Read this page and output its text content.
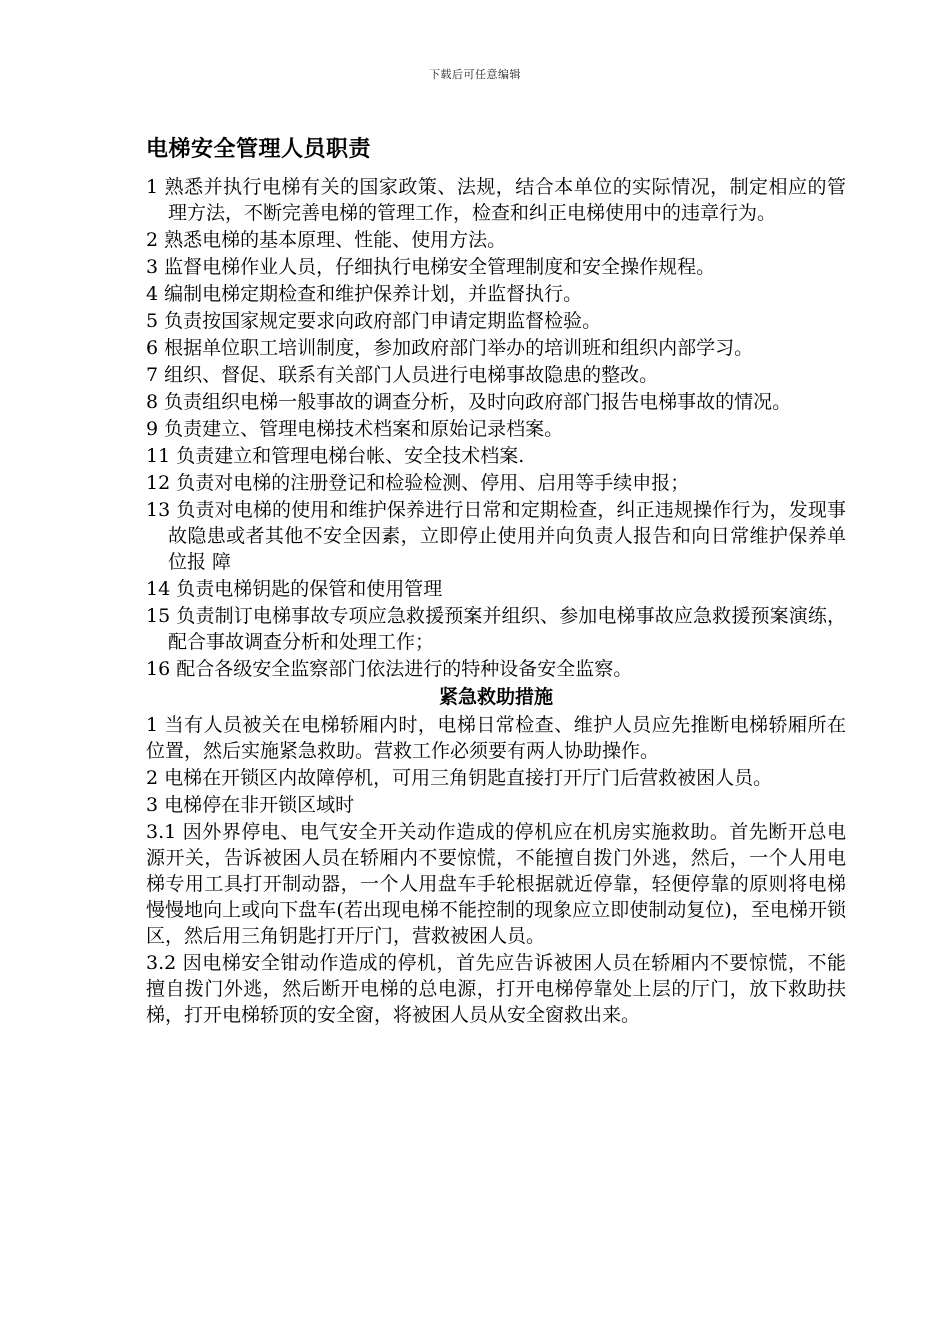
下载后可任意编辑
电梯安全管理人员职责
1 熟悉并执行电梯有关的国家政策、法规，结合本单位的实际情况，制定相应的管理方法，不断完善电梯的管理工作，检查和纠正电梯使用中的违章行为。
2 熟悉电梯的基本原理、性能、使用方法。
3 监督电梯作业人员，仔细执行电梯安全管理制度和安全操作规程。
4 编制电梯定期检查和维护保养计划，并监督执行。
5 负责按国家规定要求向政府部门申请定期监督检验。
6 根据单位职工培训制度，参加政府部门举办的培训班和组织内部学习。
7 组织、督促、联系有关部门人员进行电梯事故隐患的整改。
8 负责组织电梯一般事故的调查分析，及时向政府部门报告电梯事故的情况。
9 负责建立、管理电梯技术档案和原始记录档案。
11 负责建立和管理电梯台帐、安全技术档案.
12 负责对电梯的注册登记和检验检测、停用、启用等手续申报；
13 负责对电梯的使用和维护保养进行日常和定期检查，纠正违规操作行为，发现事故隐患或者其他不安全因素，立即停止使用并向负责人报告和向日常维护保养单位报 障
14 负责电梯钥匙的保管和使用管理
15 负责制订电梯事故专项应急救援预案并组织、参加电梯事故应急救援预案演练，配合事故调查分析和处理工作；
16 配合各级安全监察部门依法进行的特种设备安全监察。
紧急救助措施

1 当有人员被关在电梯轿厢内时，电梯日常检查、维护人员应先推断电梯轿厢所在位置，然后实施紧急救助。营救工作必须要有两人协助操作。

2 电梯在开锁区内故障停机，可用三角钥匙直接打开厅门后营救被困人员。

3 电梯停在非开锁区域时

3.1 因外界停电、电气安全开关动作造成的停机应在机房实施救助。首先断开总电源开关，告诉被困人员在轿厢内不要惊慌，不能擅自拨门外逃，然后，一个人用电梯专用工具打开制动器，一个人用盘车手轮根据就近停靠，轻便停靠的原则将电梯慢慢地向上或向下盘车(若出现电梯不能控制的现象应立即使制动复位)，至电梯开锁区，然后用三角钥匙打开厅门，营救被困人员。

3.2 因电梯安全钳动作造成的停机，首先应告诉被困人员在轿厢内不要惊慌，不能擅自拨门外逃，然后断开电梯的总电源，打开电梯停靠处上层的厅门，放下救助扶梯，打开电梯轿顶的安全窗，将被困人员从安全窗救出来。
